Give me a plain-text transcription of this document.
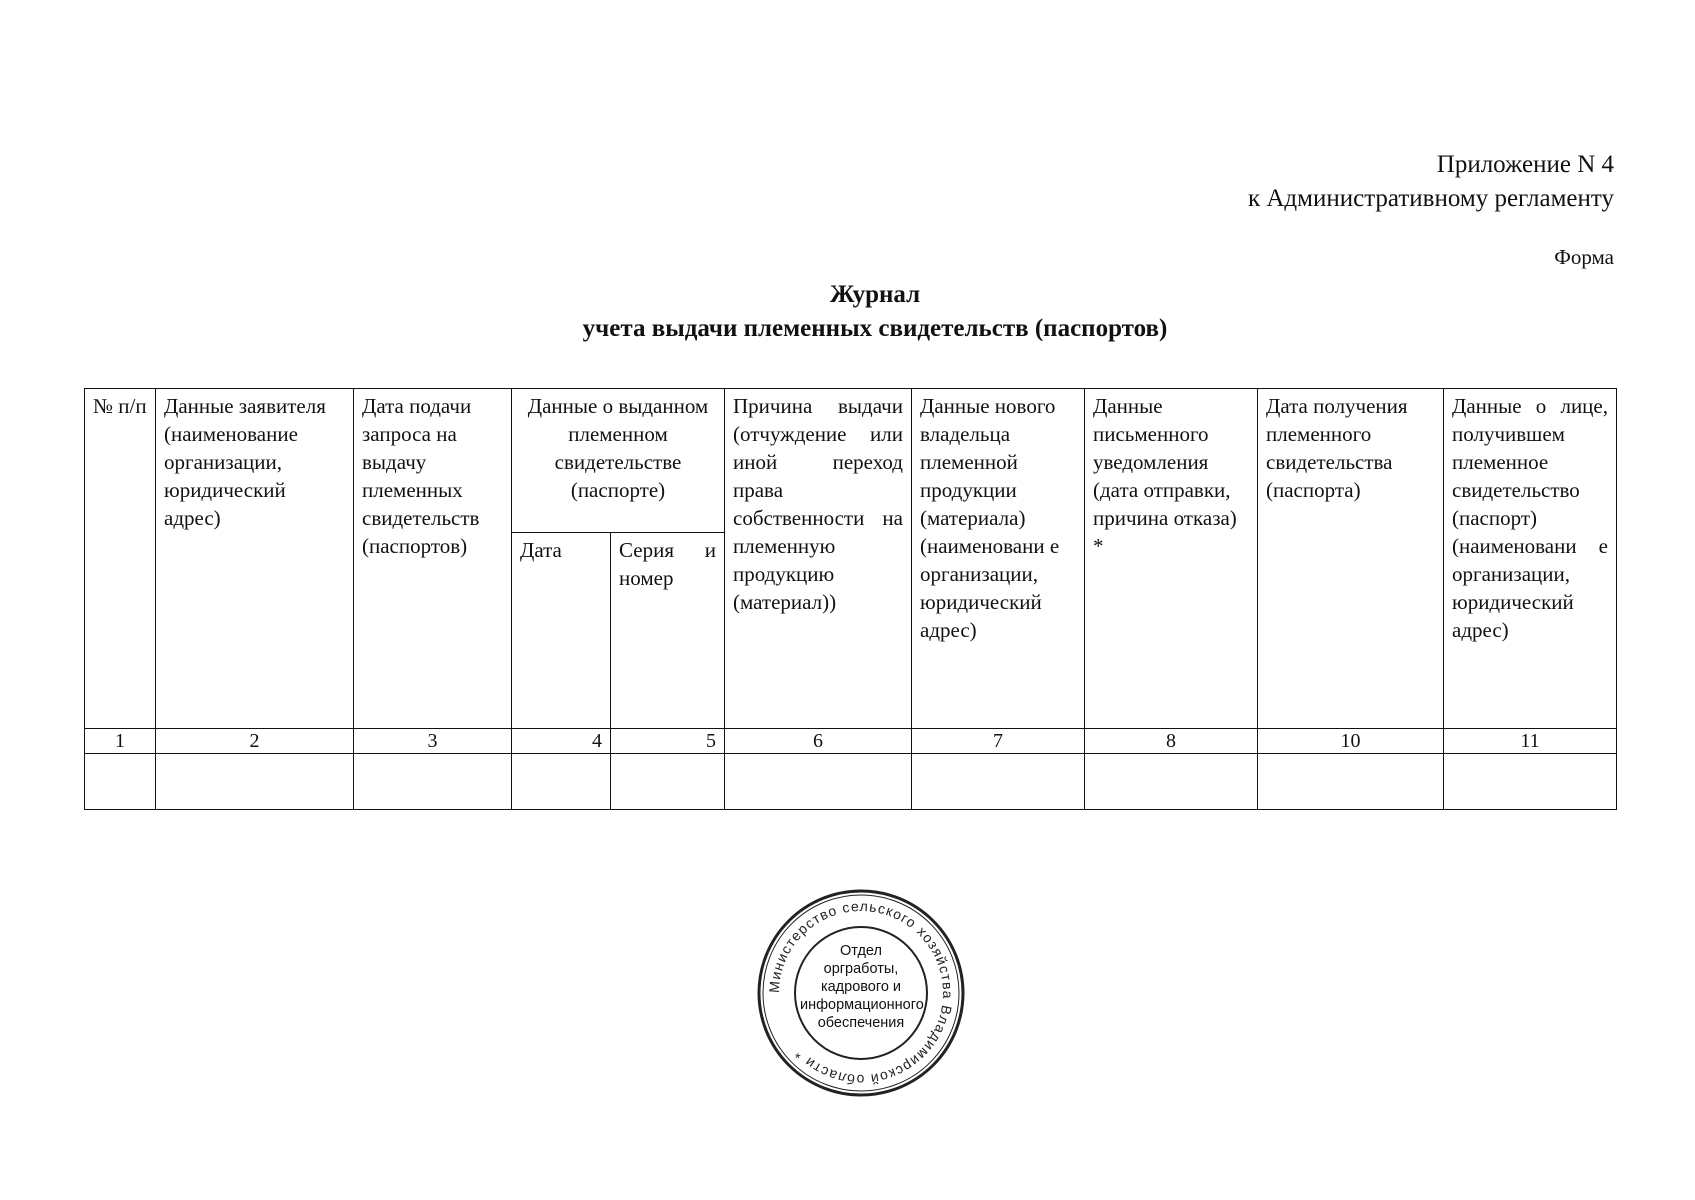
Приложение N 4
к Административному регламенту
Форма
Журнал
учета выдачи племенных свидетельств (паспортов)
№ п/п	Данные заявителя (наименование организации, юридический адрес)	Дата подачи запроса на выдачу племенных свидетельств (паспортов)	Данные о выданном племенном свидетельстве (паспорте)		Причина выдачи (отчуждение или иной переход права собственности на племенную продукцию (материал))	Данные нового владельца племенной продукции (материала) (наименовани е организации, юридический адрес)	Данные письменного уведомления (дата отправки, причина отказа) *	Дата получения племенного свидетельства (паспорта)	Данные о лице, получившем племенное свидетельство (паспорт) (наименовани е организации, юридический адрес)
			Дата	Серия и номер					
1	2	3	4	5	6	7	8	10	11

Министерство сельского хозяйства Владимирской области *
Отдел
оргработы,
кадрового и
информационного
обеспечения
